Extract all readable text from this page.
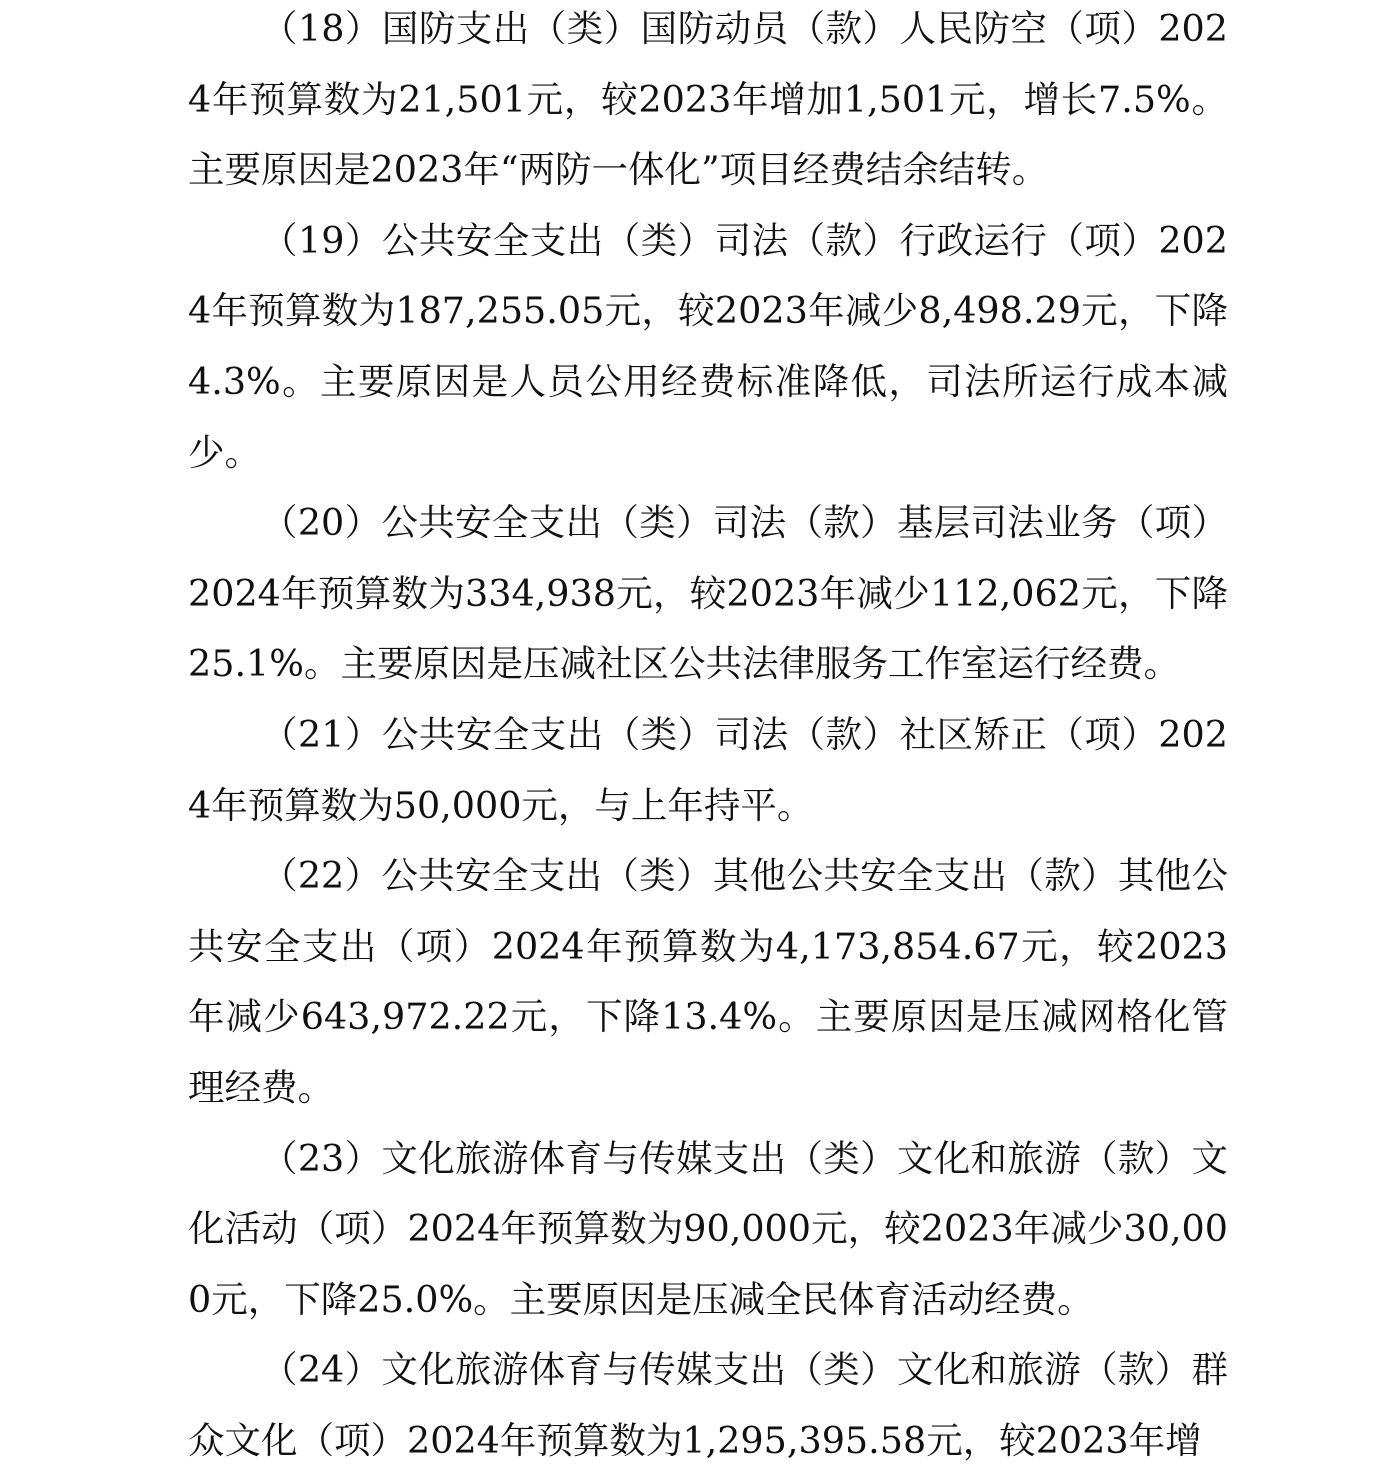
（18）国防支出（类）国防动员（款）人民防空（项）2024年预算数为21,501元，较2023年增加1,501元，增长7.5%。主要原因是2023年“两防一体化”项目经费结余结转。

（19）公共安全支出（类）司法（款）行政运行（项）2024年预算数为187,255.05元，较2023年减少8,498.29元，下降4.3%。主要原因是人员公用经费标准降低，司法所运行成本减少。

（20）公共安全支出（类）司法（款）基层司法业务（项）2024年预算数为334,938元，较2023年减少112,062元，下降25.1%。主要原因是压减社区公共法律服务工作室运行经费。

（21）公共安全支出（类）司法（款）社区矫正（项）2024年预算数为50,000元，与上年持平。

（22）公共安全支出（类）其他公共安全支出（款）其他公共安全支出（项）2024年预算数为4,173,854.67元，较2023年减少643,972.22元，下降13.4%。主要原因是压减网格化管理经费。

（23）文化旅游体育与传媒支出（类）文化和旅游（款）文化活动（项）2024年预算数为90,000元，较2023年减少30,000元，下降25.0%。主要原因是压减全民体育活动经费。

（24）文化旅游体育与传媒支出（类）文化和旅游（款）群众文化（项）2024年预算数为1,295,395.58元，较2023年增
